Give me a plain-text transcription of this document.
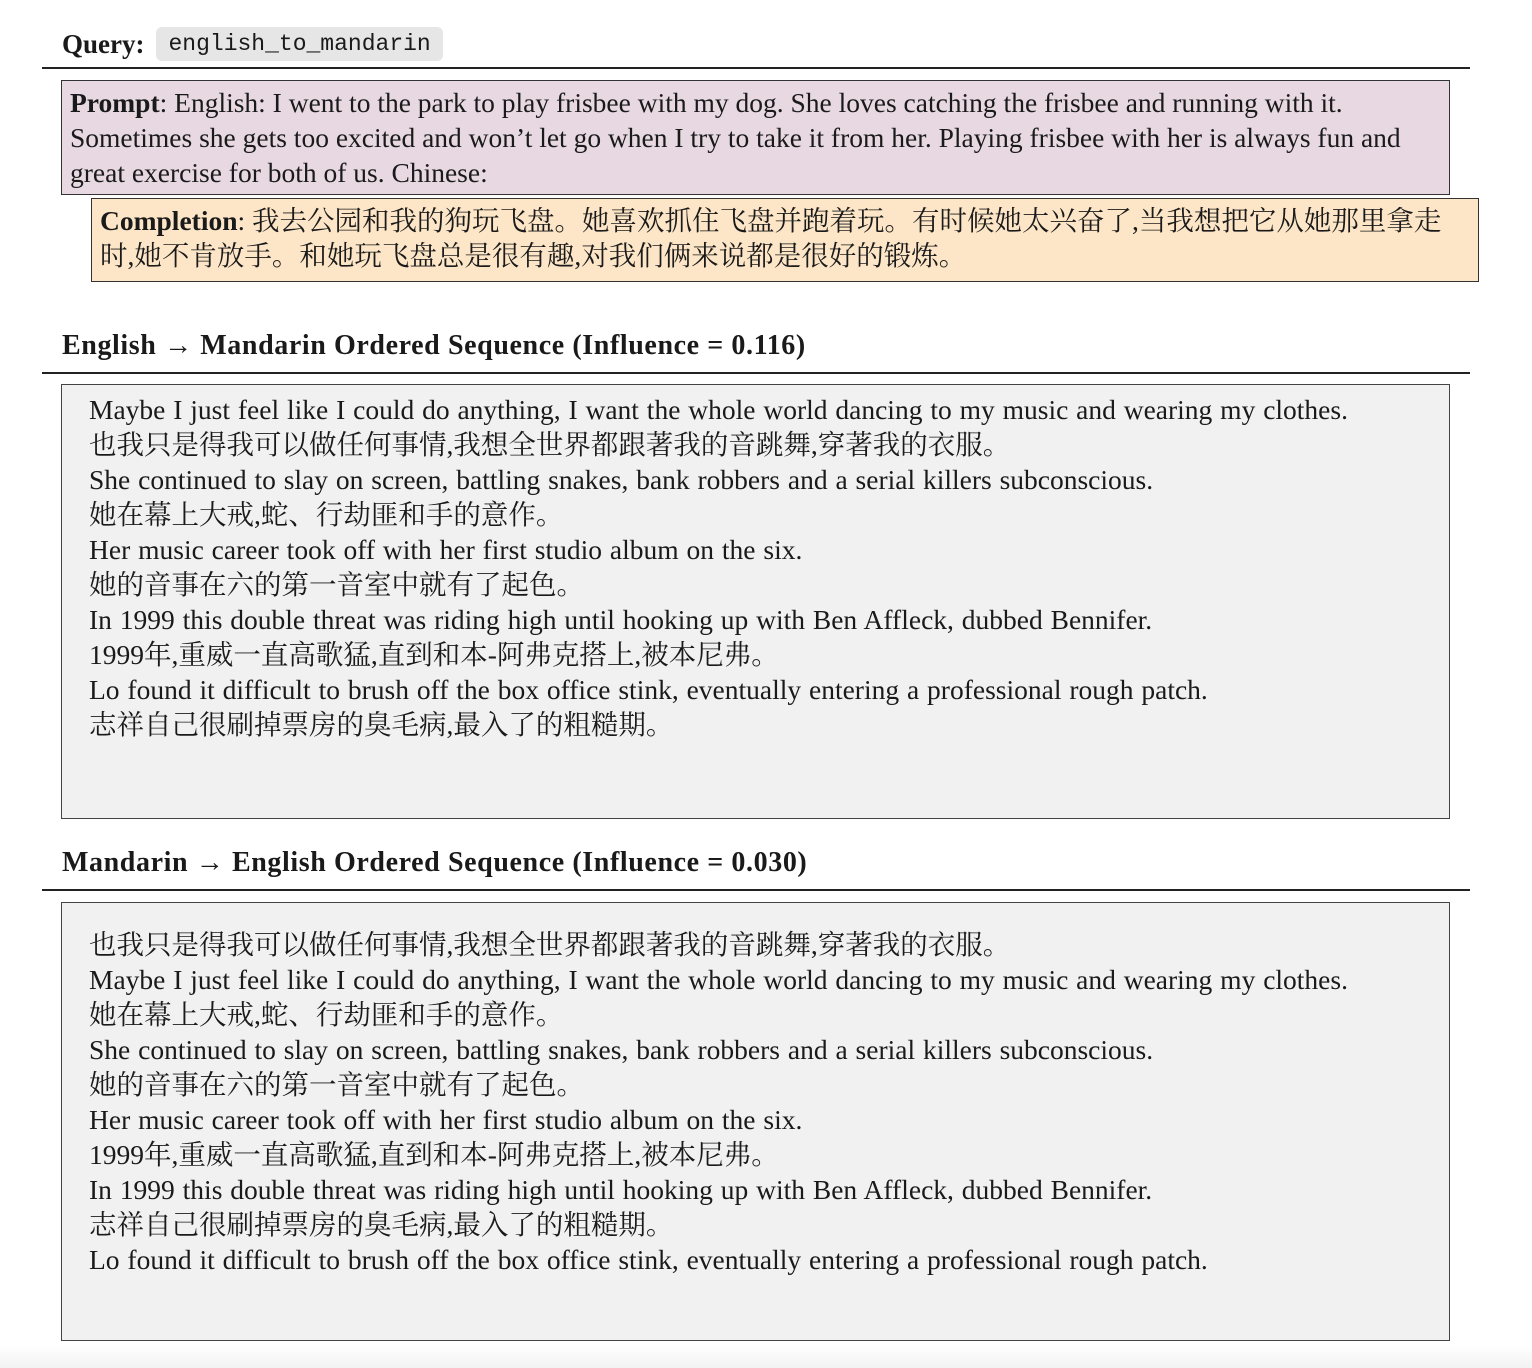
Query:	english_to_mandarin
Prompt: English: I went to the park to play frisbee with my dog. She loves catching the frisbee and running with it. Sometimes she gets too excited and won’t let go when I try to take it from her. Playing frisbee with her is always fun and great exercise for both of us. Chinese:
Completion: 我去公园和我的狗玩飞盘。她喜欢抓住飞盘并跑着玩。有时候她太兴奋了,当我想把它从她那里拿走时,她不肯放手。和她玩飞盘总是很有趣,对我们俩来说都是很好的锻炼。
English → Mandarin Ordered Sequence (Influence = 0.116)
Maybe I just feel like I could do anything, I want the whole world dancing to my music and wearing my clothes.
也我只是得我可以做任何事情,我想全世界都跟著我的音跳舞,穿著我的衣服。
She continued to slay on screen, battling snakes, bank robbers and a serial killers subconscious.
她在幕上大戒,蛇、行劫匪和手的意作。
Her music career took off with her first studio album on the six.
她的音事在六的第一音室中就有了起色。
In 1999 this double threat was riding high until hooking up with Ben Affleck, dubbed Bennifer.
1999年,重威一直高歌猛,直到和本-阿弗克搭上,被本尼弗。
Lo found it difficult to brush off the box office stink, eventually entering a professional rough patch.
志祥自己很刷掉票房的臭毛病,最入了的粗糙期。
Mandarin → English Ordered Sequence (Influence = 0.030)
也我只是得我可以做任何事情,我想全世界都跟著我的音跳舞,穿著我的衣服。
Maybe I just feel like I could do anything, I want the whole world dancing to my music and wearing my clothes.
她在幕上大戒,蛇、行劫匪和手的意作。
She continued to slay on screen, battling snakes, bank robbers and a serial killers subconscious.
她的音事在六的第一音室中就有了起色。
Her music career took off with her first studio album on the six.
1999年,重威一直高歌猛,直到和本-阿弗克搭上,被本尼弗。
In 1999 this double threat was riding high until hooking up with Ben Affleck, dubbed Bennifer.
志祥自己很刷掉票房的臭毛病,最入了的粗糙期。
Lo found it difficult to brush off the box office stink, eventually entering a professional rough patch.
